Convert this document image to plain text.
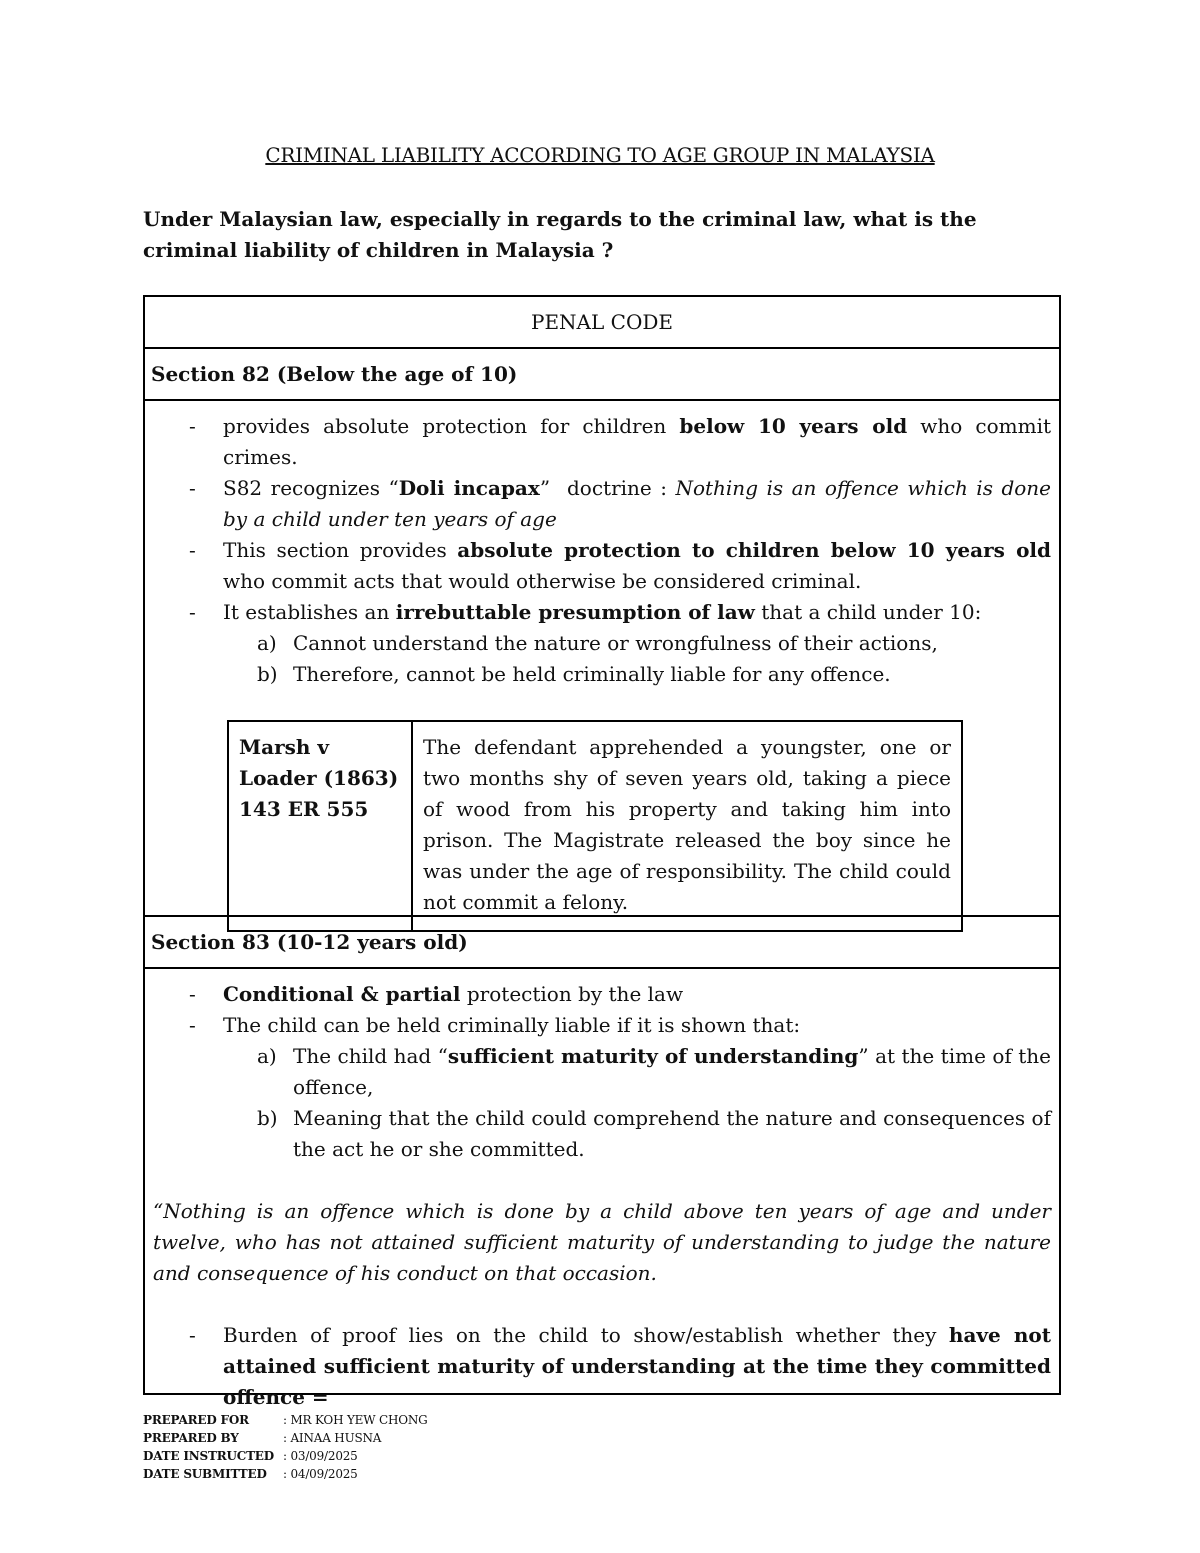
CRIMINAL LIABILITY ACCORDING TO AGE GROUP IN MALAYSIA
Under Malaysian law, especially in regards to the criminal law, what is the criminal liability of children in Malaysia ?
PENAL CODE
Section 82 (Below the age of 10)
- provides absolute protection for children below 10 years old who commit crimes.
- S82 recognizes “Doli incapax”  doctrine : Nothing is an offence which is done by a child under ten years of age
- This section provides absolute protection to children below 10 years old who commit acts that would otherwise be considered criminal.
- It establishes an irrebuttable presumption of law that a child under 10:
a) Cannot understand the nature or wrongfulness of their actions,
b) Therefore, cannot be held criminally liable for any offence.
Marsh v Loader (1863) 143 ER 555	The defendant apprehended a youngster, one or two months shy of seven years old, taking a piece of wood from his property and taking him into prison. The Magistrate released the boy since he was under the age of responsibility. The child could not commit a felony.
Section 83 (10-12 years old)
- Conditional & partial protection by the law
- The child can be held criminally liable if it is shown that:
a) The child had “sufficient maturity of understanding” at the time of the offence,
b) Meaning that the child could comprehend the nature and consequences of the act he or she committed.
“Nothing is an offence which is done by a child above ten years of age and under twelve, who has not attained sufficient maturity of understanding to judge the nature and consequence of his conduct on that occasion.
- Burden of proof lies on the child to show/establish whether they have not attained sufficient maturity of understanding at the time they committed offence =
PREPARED FOR	: MR KOH YEW CHONG
PREPARED BY	: AINAA HUSNA
DATE INSTRUCTED : 03/09/2025
DATE SUBMITTED	: 04/09/2025
